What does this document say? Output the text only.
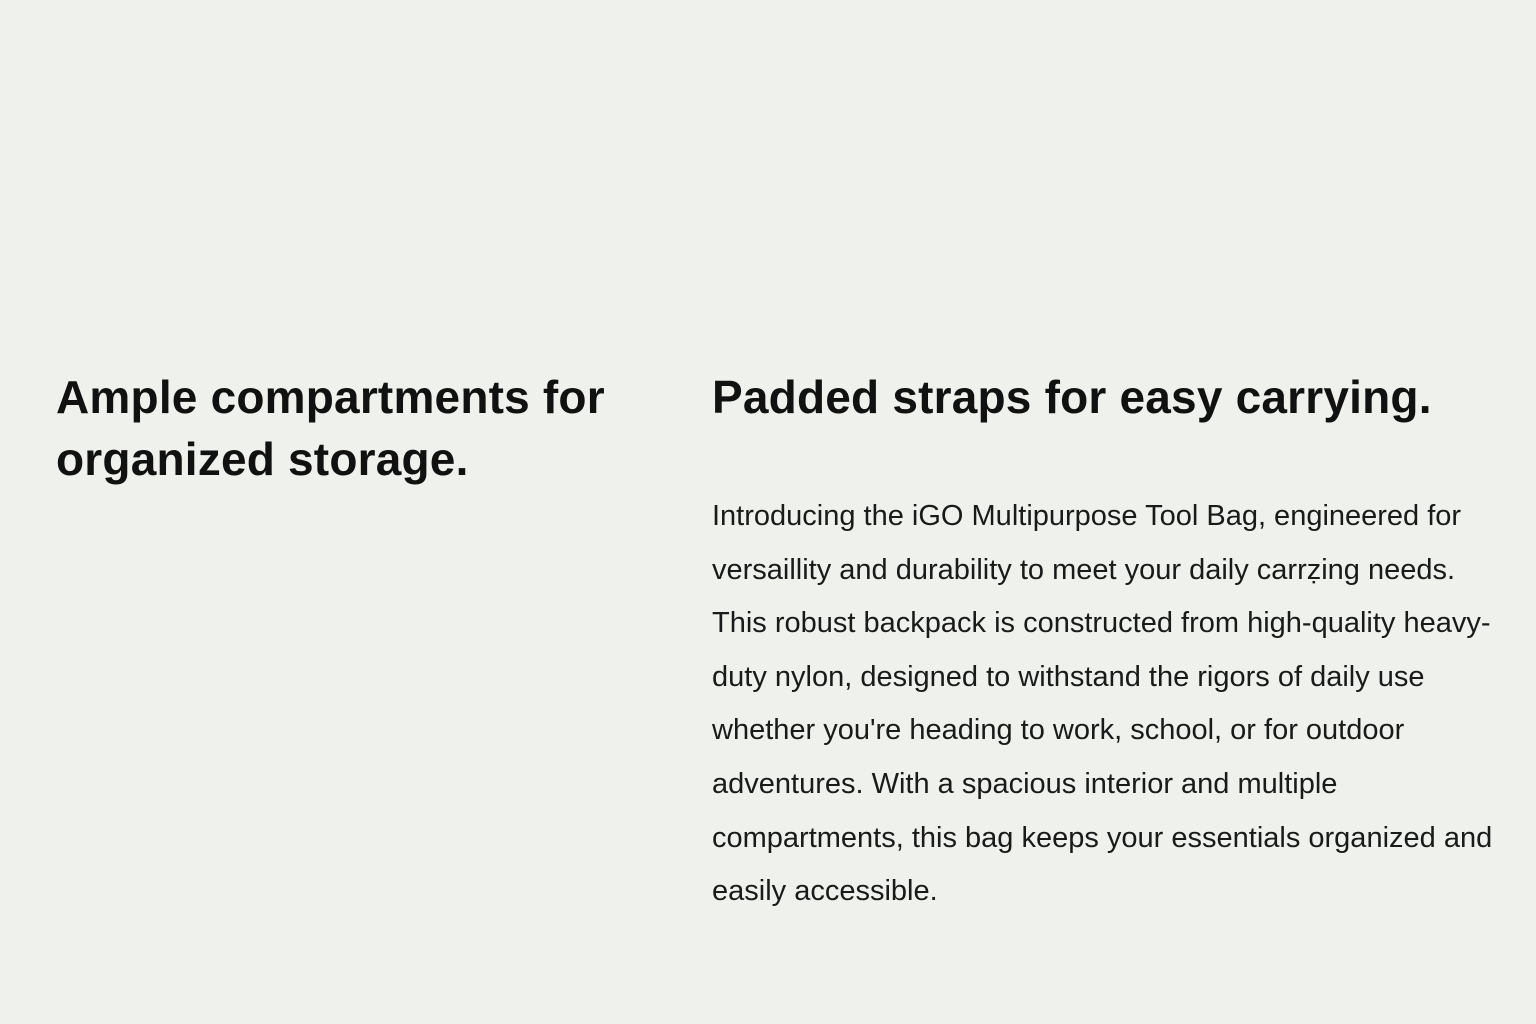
Ample compartments for organized storage.
Padded straps for easy carrying.

Introducing the iGO Multipurpose Tool Bag, engineered for versaillity and durability to meet your daily carrẓing needs. This robust backpack is constructed from high-quality heavy-duty nylon, designed to withstand the rigors of daily use whether you're heading to work, school, or for outdoor adventures. With a spacious interior and multiple compartments, this bag keeps your essentials organized and easily accessible.
